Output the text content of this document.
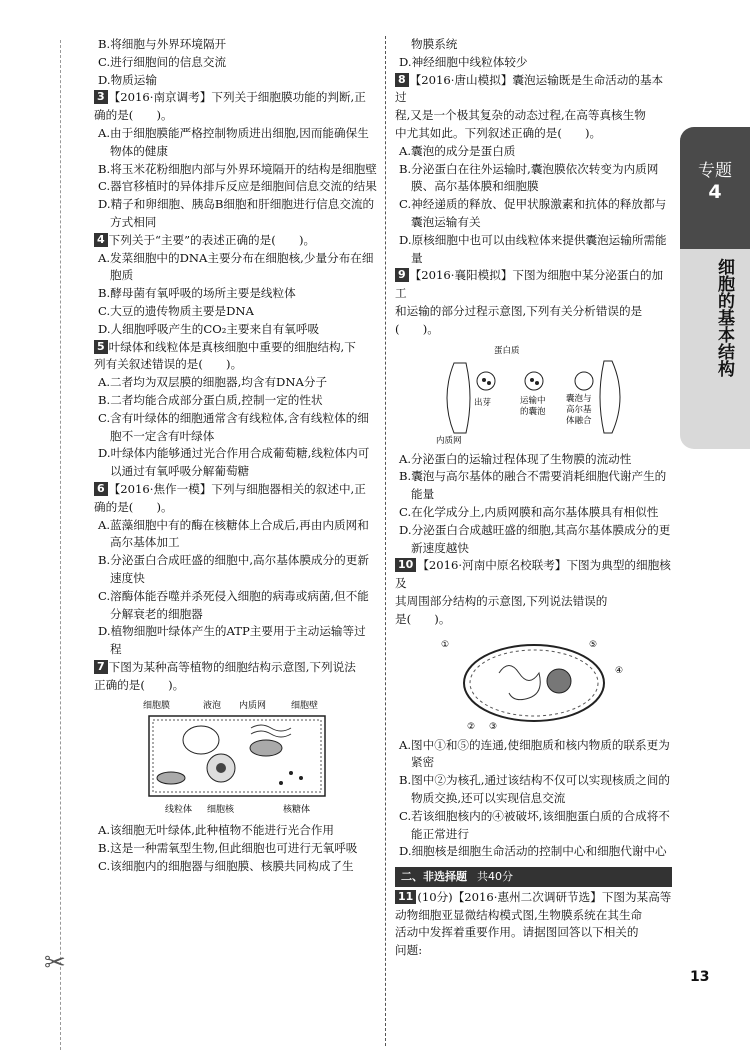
✂
专题
4
细胞的基本结构
13

B.将细胞与外界环境隔开

C.进行细胞间的信息交流

D.物质运输

3 【2016·南京调考】下列关于细胞膜功能的判断,正

确的是(　　)。

A.由于细胞膜能严格控制物质进出细胞,因而能确保生物体的健康

B.将玉米花粉细胞内部与外界环境隔开的结构是细胞壁

C.器官移植时的异体排斥反应是细胞间信息交流的结果

D.精子和卵细胞、胰岛B细胞和肝细胞进行信息交流的方式相同

4 下列关于“主要”的表述正确的是(　　)。

A.发菜细胞中的DNA主要分布在细胞核,少量分布在细胞质

B.酵母菌有氧呼吸的场所主要是线粒体

C.大豆的遗传物质主要是DNA

D.人细胞呼吸产生的CO₂主要来自有氧呼吸

5 叶绿体和线粒体是真核细胞中重要的细胞结构,下

列有关叙述错误的是(　　)。

A.二者均为双层膜的细胞器,均含有DNA分子

B.二者均能合成部分蛋白质,控制一定的性状

C.含有叶绿体的细胞通常含有线粒体,含有线粒体的细胞不一定含有叶绿体

D.叶绿体内能够通过光合作用合成葡萄糖,线粒体内可以通过有氧呼吸分解葡萄糖

6 【2016·焦作一模】下列与细胞器相关的叙述中,正

确的是(　　)。

A.蓝藻细胞中有的酶在核糖体上合成后,再由内质网和高尔基体加工

B.分泌蛋白合成旺盛的细胞中,高尔基体膜成分的更新速度快

C.溶酶体能吞噬并杀死侵入细胞的病毒或病菌,但不能分解衰老的细胞器

D.植物细胞叶绿体产生的ATP主要用于主动运输等过程

7 下图为某种高等植物的细胞结构示意图,下列说法

正确的是(　　)。

细胞膜	液泡 内质网	细胞壁
线粒体 细胞核	核糖体

A.该细胞无叶绿体,此种植物不能进行光合作用

B.这是一种需氧型生物,但此细胞也可进行无氧呼吸

C.该细胞内的细胞器与细胞膜、核膜共同构成了生

物膜系统

D.神经细胞中线粒体较少

8 【2016·唐山模拟】囊泡运输既是生命活动的基本过

程,又是一个极其复杂的动态过程,在高等真核生物

中尤其如此。下列叙述正确的是(　　)。

A.囊泡的成分是蛋白质

B.分泌蛋白在往外运输时,囊泡膜依次转变为内质网膜、高尔基体膜和细胞膜

C.神经递质的释放、促甲状腺激素和抗体的释放都与囊泡运输有关

D.原核细胞中也可以由线粒体来提供囊泡运输所需能量

9 【2016·襄阳模拟】下图为细胞中某分泌蛋白的加工

和运输的部分过程示意图,下列有关分析错误的是

(　　)。

蛋白质
出芽	运输中
的囊泡
囊泡与
高尔基
体融合
内质网

A.分泌蛋白的运输过程体现了生物膜的流动性

B.囊泡与高尔基体的融合不需要消耗细胞代谢产生的能量

C.在化学成分上,内质网膜和高尔基体膜具有相似性

D.分泌蛋白合成越旺盛的细胞,其高尔基体膜成分的更新速度越快

10 【2016·河南中原名校联考】下图为典型的细胞核及

其周围部分结构的示意图,下列说法错误的

是(　　)。

①
② ③
④
⑤

A.图中①和⑤的连通,使细胞质和核内物质的联系更为紧密

B.图中②为核孔,通过该结构不仅可以实现核质之间的物质交换,还可以实现信息交流

C.若该细胞核内的④被破坏,该细胞蛋白质的合成将不能正常进行

D.细胞核是细胞生命活动的控制中心和细胞代谢中心

二、非选择题 共40分

11 (10分)【2016·惠州二次调研节选】下图为某高等

动物细胞亚显微结构模式图,生物膜系统在其生命

活动中发挥着重要作用。请据图回答以下相关的

问题:
